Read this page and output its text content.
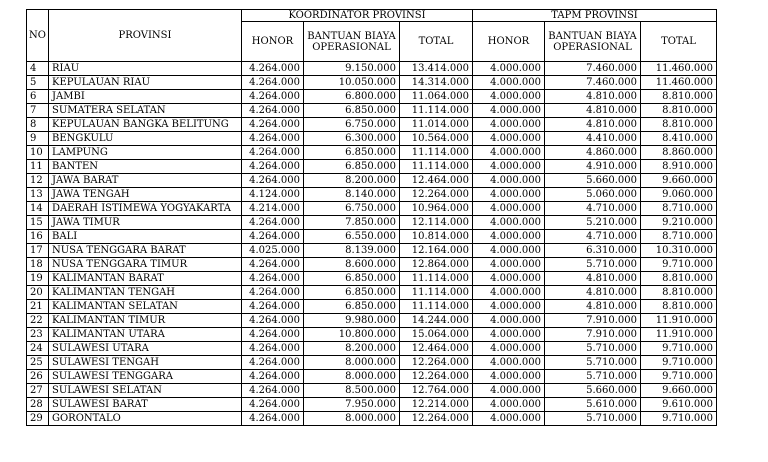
NO	PROVINSI	KOORDINATOR PROVINSI			TAPM PROVINSI		
		HONOR	BANTUAN BIAYA OPERASIONAL	TOTAL	HONOR	BANTUAN BIAYA OPERASIONAL	TOTAL
4	RIAU	4.264.000	9.150.000	13.414.000	4.000.000	7.460.000	11.460.000
5	KEPULAUAN RIAU	4.264.000	10.050.000	14.314.000	4.000.000	7.460.000	11.460.000
6	JAMBI	4.264.000	6.800.000	11.064.000	4.000.000	4.810.000	8.810.000
7	SUMATERA SELATAN	4.264.000	6.850.000	11.114.000	4.000.000	4.810.000	8.810.000
8	KEPULAUAN BANGKA BELITUNG	4.264.000	6.750.000	11.014.000	4.000.000	4.810.000	8.810.000
9	BENGKULU	4.264.000	6.300.000	10.564.000	4.000.000	4.410.000	8.410.000
10	LAMPUNG	4.264.000	6.850.000	11.114.000	4.000.000	4.860.000	8.860.000
11	BANTEN	4.264.000	6.850.000	11.114.000	4.000.000	4.910.000	8.910.000
12	JAWA BARAT	4.264.000	8.200.000	12.464.000	4.000.000	5.660.000	9.660.000
13	JAWA TENGAH	4.124.000	8.140.000	12.264.000	4.000.000	5.060.000	9.060.000
14	DAERAH ISTIMEWA YOGYAKARTA	4.214.000	6.750.000	10.964.000	4.000.000	4.710.000	8.710.000
15	JAWA TIMUR	4.264.000	7.850.000	12.114.000	4.000.000	5.210.000	9.210.000
16	BALI	4.264.000	6.550.000	10.814.000	4.000.000	4.710.000	8.710.000
17	NUSA TENGGARA BARAT	4.025.000	8.139.000	12.164.000	4.000.000	6.310.000	10.310.000
18	NUSA TENGGARA TIMUR	4.264.000	8.600.000	12.864.000	4.000.000	5.710.000	9.710.000
19	KALIMANTAN BARAT	4.264.000	6.850.000	11.114.000	4.000.000	4.810.000	8.810.000
20	KALIMANTAN TENGAH	4.264.000	6.850.000	11.114.000	4.000.000	4.810.000	8.810.000
21	KALIMANTAN SELATAN	4.264.000	6.850.000	11.114.000	4.000.000	4.810.000	8.810.000
22	KALIMANTAN TIMUR	4.264.000	9.980.000	14.244.000	4.000.000	7.910.000	11.910.000
23	KALIMANTAN UTARA	4.264.000	10.800.000	15.064.000	4.000.000	7.910.000	11.910.000
24	SULAWESI UTARA	4.264.000	8.200.000	12.464.000	4.000.000	5.710.000	9.710.000
25	SULAWESI TENGAH	4.264.000	8.000.000	12.264.000	4.000.000	5.710.000	9.710.000
26	SULAWESI TENGGARA	4.264.000	8.000.000	12.264.000	4.000.000	5.710.000	9.710.000
27	SULAWESI SELATAN	4.264.000	8.500.000	12.764.000	4.000.000	5.660.000	9.660.000
28	SULAWESI BARAT	4.264.000	7.950.000	12.214.000	4.000.000	5.610.000	9.610.000
29	GORONTALO	4.264.000	8.000.000	12.264.000	4.000.000	5.710.000	9.710.000
